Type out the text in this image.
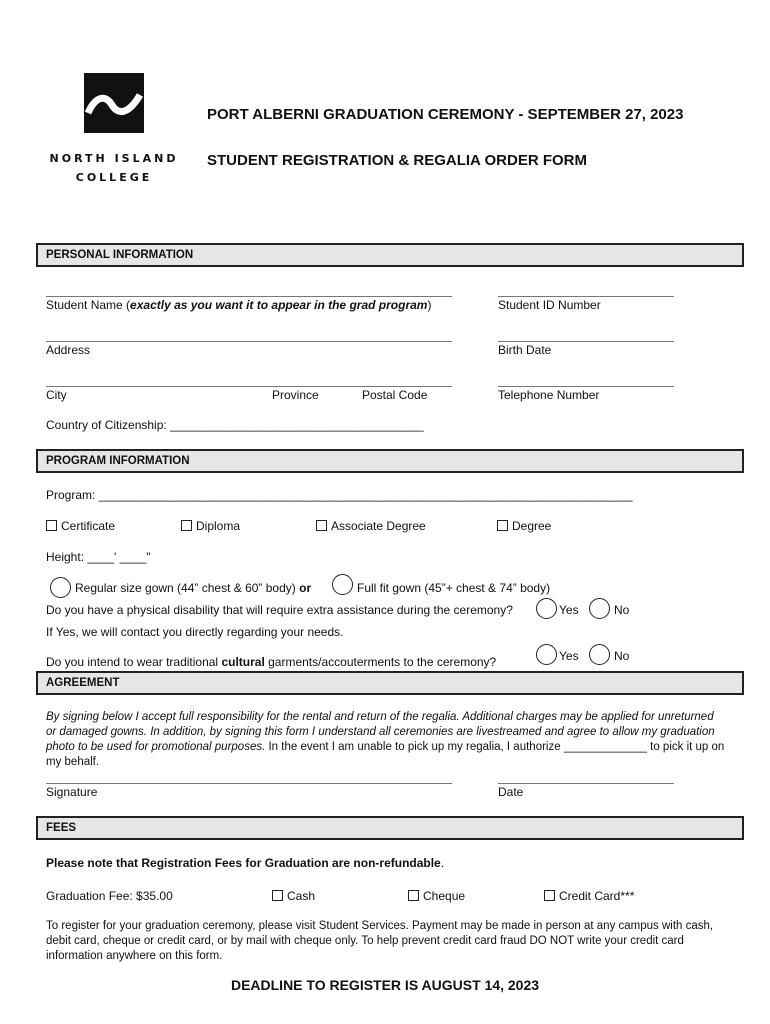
NORTH ISLAND
COLLEGE
PORT ALBERNI GRADUATION CEREMONY - SEPTEMBER 27, 2023
STUDENT REGISTRATION & REGALIA ORDER FORM
PERSONAL INFORMATION
Student Name (exactly as you want it to appear in the grad program)	Student ID Number
Address	Birth Date
City	Province	Postal Code	Telephone Number
Country of Citizenship: ______________________________________
PROGRAM INFORMATION
Program: ________________________________________________________________________________
Certificate	Diploma	Associate Degree	Degree
Height: ____' ____"
Regular size gown (44” chest & 60” body) or	Full fit gown (45”+ chest & 74” body)
Do you have a physical disability that will require extra assistance during the ceremony?	Yes	No
If Yes, we will contact you directly regarding your needs.
Do you intend to wear traditional cultural garments/accouterments to the ceremony?	Yes	No
AGREEMENT
By signing below I accept full responsibility for the rental and return of the regalia. Additional charges may be applied for unreturned or damaged gowns. In addition, by signing this form I understand all ceremonies are livestreamed and agree to allow my graduation photo to be used for promotional purposes. In the event I am unable to pick up my regalia, I authorize _____________ to pick it up on my behalf.
Signature	Date
FEES
Please note that Registration Fees for Graduation are non-refundable.
Graduation Fee: $35.00	Cash	Cheque	Credit Card***
To register for your graduation ceremony, please visit Student Services. Payment may be made in person at any campus with cash, debit card, cheque or credit card, or by mail with cheque only. To help prevent credit card fraud DO NOT write your credit card information anywhere on this form.
DEADLINE TO REGISTER IS AUGUST 14, 2023
